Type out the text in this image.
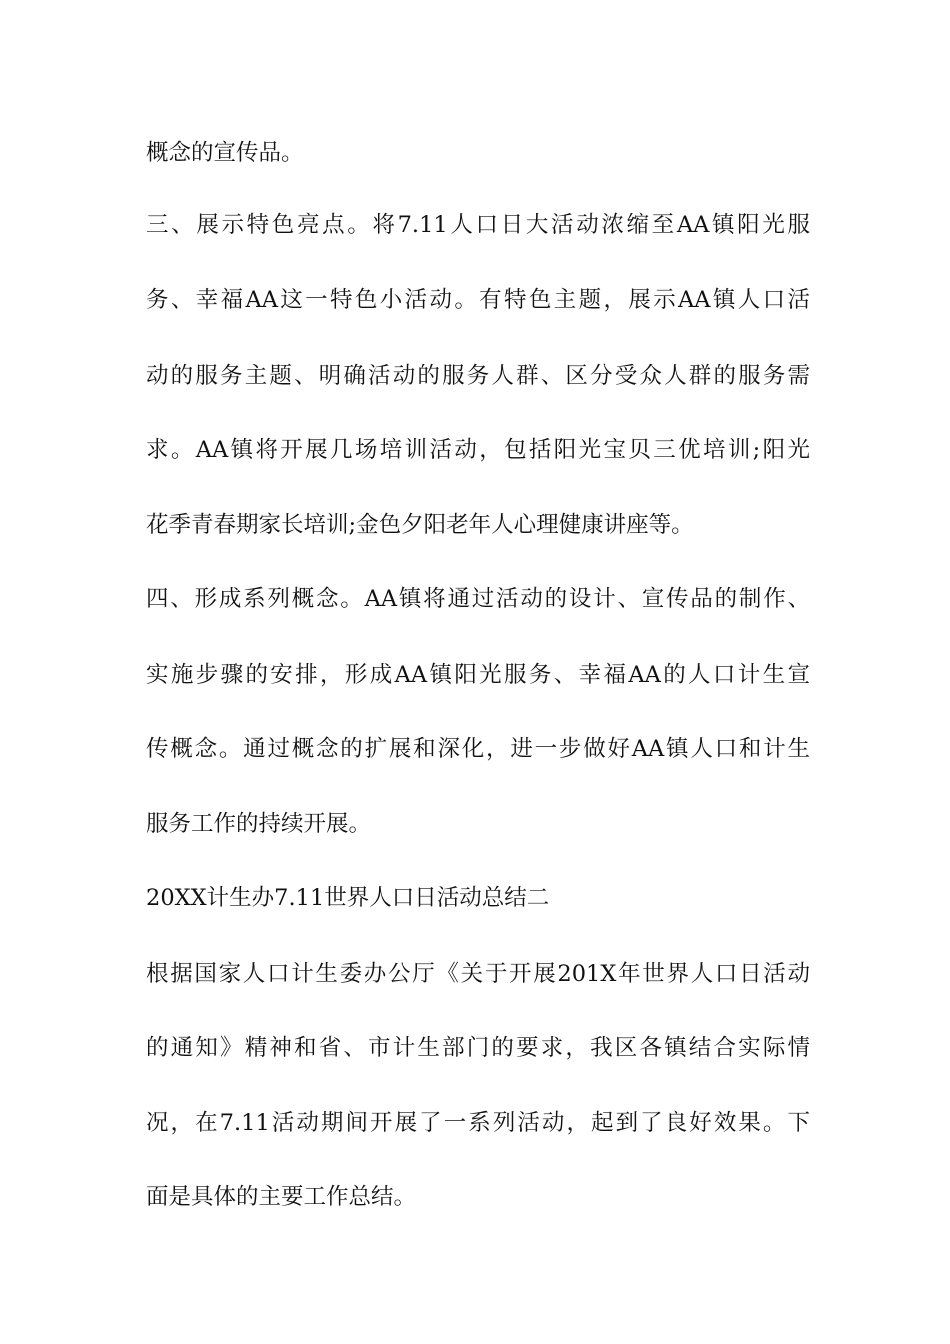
概念的宣传品。
三、展示特色亮点。将7.11人口日大活动浓缩至AA镇阳光服
务、幸福AA这一特色小活动。有特色主题，展示AA镇人口活
动的服务主题、明确活动的服务人群、区分受众人群的服务需
求。AA镇将开展几场培训活动，包括阳光宝贝三优培训;阳光
花季青春期家长培训;金色夕阳老年人心理健康讲座等。
四、形成系列概念。AA镇将通过活动的设计、宣传品的制作、
实施步骤的安排，形成AA镇阳光服务、幸福AA的人口计生宣
传概念。通过概念的扩展和深化，进一步做好AA镇人口和计生
服务工作的持续开展。
20XX计生办7.11世界人口日活动总结二
根据国家人口计生委办公厅《关于开展201X年世界人口日活动
的通知》精神和省、市计生部门的要求，我区各镇结合实际情
况，在7.11活动期间开展了一系列活动，起到了良好效果。下
面是具体的主要工作总结。
